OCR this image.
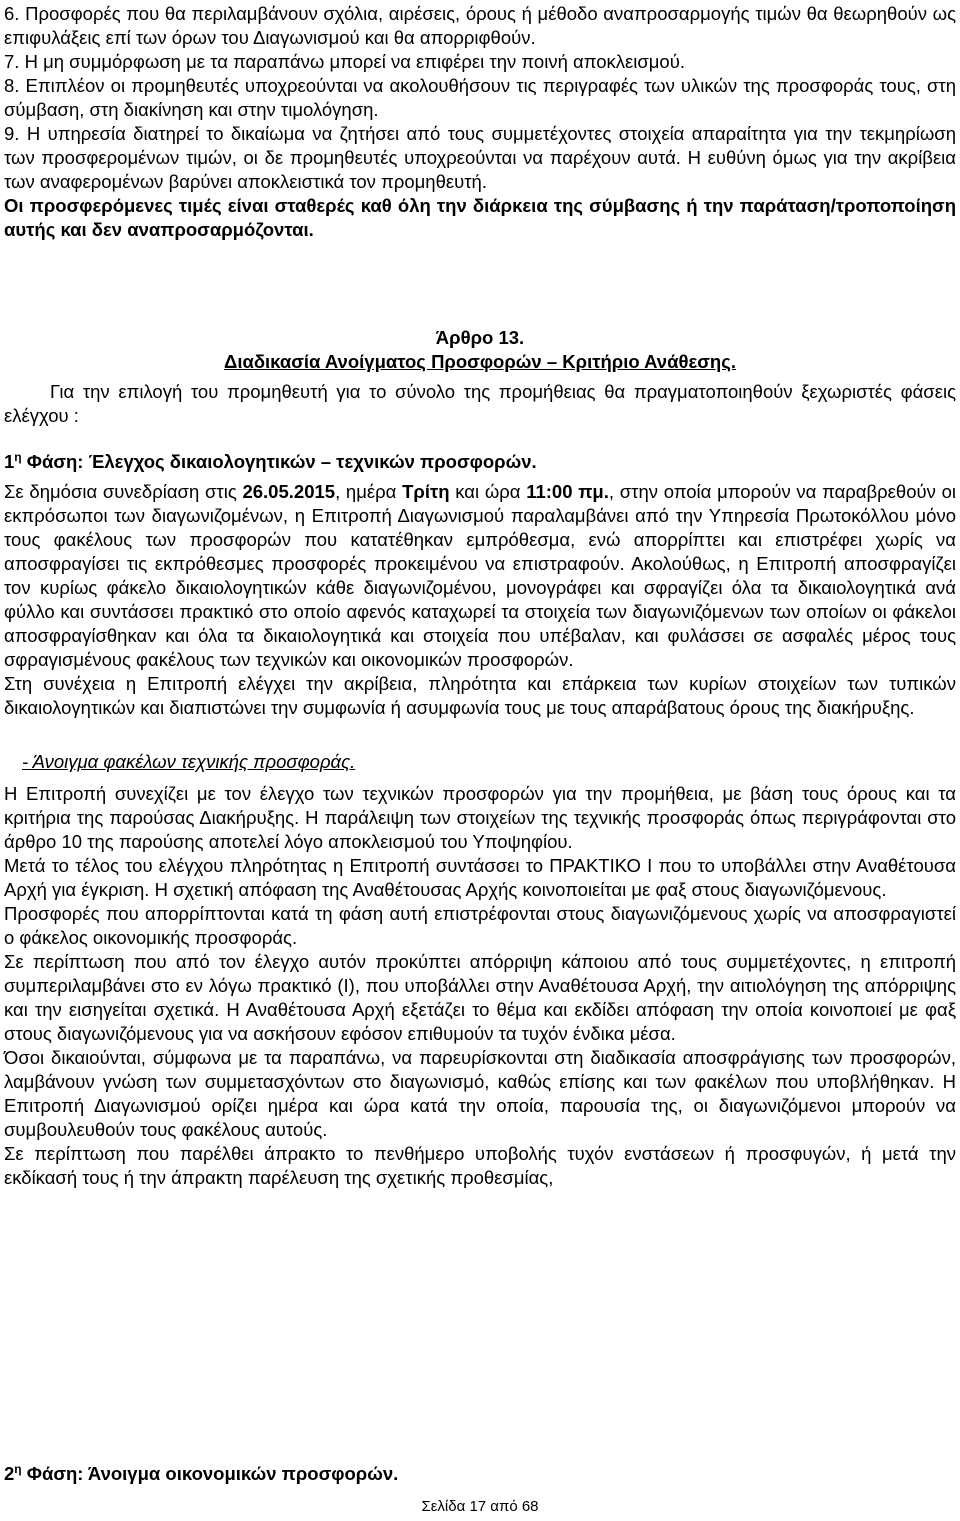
6. Προσφορές που θα περιλαμβάνουν σχόλια, αιρέσεις, όρους ή μέθοδο αναπροσαρμογής τιμών θα θεωρηθούν ως επιφυλάξεις επί των όρων του Διαγωνισμού και θα απορριφθούν.

7. Η μη συμμόρφωση με τα παραπάνω μπορεί να επιφέρει την ποινή αποκλεισμού.

8. Επιπλέον οι προμηθευτές υποχρεούνται να ακολουθήσουν τις περιγραφές των υλικών της προσφοράς τους, στη σύμβαση, στη διακίνηση και στην τιμολόγηση.

9. Η υπηρεσία διατηρεί το δικαίωμα να ζητήσει από τους συμμετέχοντες στοιχεία απαραίτητα για την τεκμηρίωση των προσφερομένων τιμών, οι δε προμηθευτές υποχρεούνται να παρέχουν αυτά. Η ευθύνη όμως για την ακρίβεια των αναφερομένων βαρύνει αποκλειστικά τον προμηθευτή.

Οι προσφερόμενες τιμές είναι σταθερές καθ όλη την διάρκεια της σύμβασης ή την παράταση/τροποποίηση αυτής και δεν αναπροσαρμόζονται.

Άρθρο 13.

Διαδικασία Ανοίγματος Προσφορών – Κριτήριο Ανάθεσης.

Για την επιλογή του προμηθευτή για το σύνολο της προμήθειας θα πραγματοποιηθούν ξεχωριστές φάσεις ελέγχου :

$1^\eta$ Φάση: Έλεγχος δικαιολογητικών – τεχνικών προσφορών.

Σε δημόσια συνεδρίαση στις 26.05.2015, ημέρα Τρίτη και ώρα 11:00 πμ., στην οποία μπορούν να παραβρεθούν οι εκπρόσωποι των διαγωνιζομένων, η Επιτροπή Διαγωνισμού παραλαμβάνει από την Υπηρεσία Πρωτοκόλλου μόνο τους φακέλους των προσφορών που κατατέθηκαν εμπρόθεσμα, ενώ απορρίπτει και επιστρέφει χωρίς να αποσφραγίσει τις εκπρόθεσμες προσφορές προκειμένου να επιστραφούν. Ακολούθως, η Επιτροπή αποσφραγίζει τον κυρίως φάκελο δικαιολογητικών κάθε διαγωνιζομένου, μονογράφει και σφραγίζει όλα τα δικαιολογητικά ανά φύλλο και συντάσσει πρακτικό στο οποίο αφενός καταχωρεί τα στοιχεία των διαγωνιζόμενων των οποίων οι φάκελοι αποσφραγίσθηκαν και όλα τα δικαιολογητικά και στοιχεία που υπέβαλαν, και φυλάσσει σε ασφαλές μέρος τους σφραγισμένους φακέλους των τεχνικών και οικονομικών προσφορών.

Στη συνέχεια η Επιτροπή ελέγχει την ακρίβεια, πληρότητα και επάρκεια των κυρίων στοιχείων των τυπικών δικαιολογητικών και διαπιστώνει την συμφωνία ή ασυμφωνία τους με τους απαράβατους όρους της διακήρυξης.

- Άνοιγμα φακέλων τεχνικής προσφοράς.

Η Επιτροπή συνεχίζει με τον έλεγχο των τεχνικών προσφορών για την προμήθεια, με βάση τους όρους και τα κριτήρια της παρούσας Διακήρυξης. Η παράλειψη των στοιχείων της τεχνικής προσφοράς όπως περιγράφονται στο άρθρο 10 της παρούσης αποτελεί λόγο αποκλεισμού του Υποψηφίου.

Μετά το τέλος του ελέγχου πληρότητας η Επιτροπή συντάσσει το ΠΡΑΚΤΙΚΟ Ι που το υποβάλλει στην Αναθέτουσα Αρχή για έγκριση. Η σχετική απόφαση της Αναθέτουσας Αρχής κοινοποιείται με φαξ στους διαγωνιζόμενους.

Προσφορές που απορρίπτονται κατά τη φάση αυτή επιστρέφονται στους διαγωνιζόμενους χωρίς να αποσφραγιστεί ο φάκελος οικονομικής προσφοράς.

Σε περίπτωση που από τον έλεγχο αυτόν προκύπτει απόρριψη κάποιου από τους συμμετέχοντες, η επιτροπή συμπεριλαμβάνει στο εν λόγω πρακτικό (Ι), που υποβάλλει στην Αναθέτουσα Αρχή, την αιτιολόγηση της απόρριψης και την εισηγείται σχετικά. Η Αναθέτουσα Αρχή εξετάζει το θέμα και εκδίδει απόφαση την οποία κοινοποιεί με φαξ στους διαγωνιζόμενους για να ασκήσουν εφόσον επιθυμούν τα τυχόν ένδικα μέσα.

Όσοι δικαιούνται, σύμφωνα με τα παραπάνω, να παρευρίσκονται στη διαδικασία αποσφράγισης των προσφορών, λαμβάνουν γνώση των συμμετασχόντων στο διαγωνισμό, καθώς επίσης και των φακέλων που υποβλήθηκαν. Η Επιτροπή Διαγωνισμού ορίζει ημέρα και ώρα κατά την οποία, παρουσία της, οι διαγωνιζόμενοι μπορούν να συμβουλευθούν τους φακέλους αυτούς.

Σε περίπτωση που παρέλθει άπρακτο το πενθήμερο υποβολής τυχόν ενστάσεων ή προσφυγών, ή μετά την εκδίκασή τους ή την άπρακτη παρέλευση της σχετικής προθεσμίας,

$2^\eta$ Φάση: Άνοιγμα οικονομικών προσφορών.

Σελίδα 17 από 68
